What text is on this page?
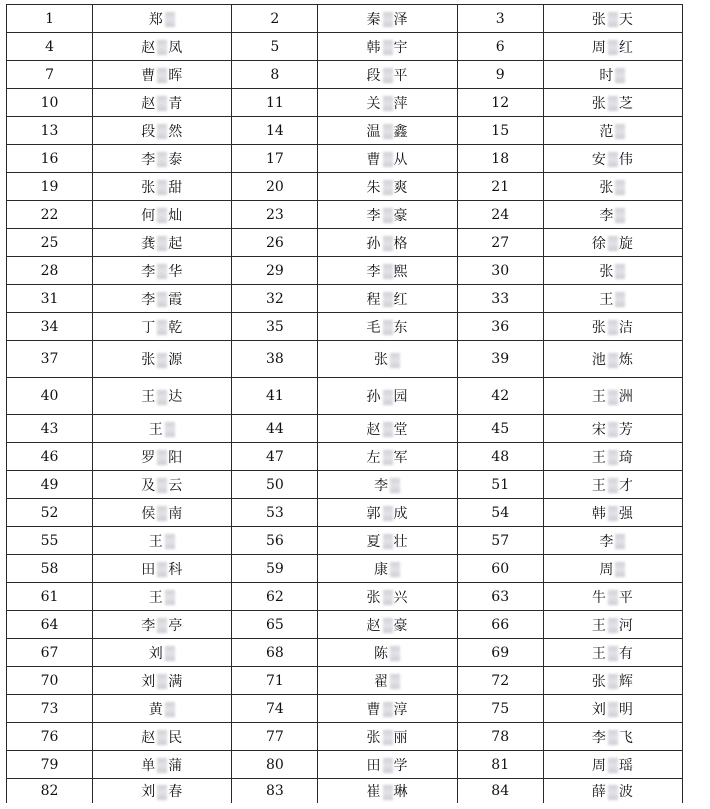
1	郑	2	秦 泽	3	张 天
4	赵 凤	5	韩 宇	6	周 红
7	曹 晖	8	段 平	9	时
10	赵 青	11	关 萍	12	张 芝
13	段 然	14	温 鑫	15	范
16	李 泰	17	曹 从	18	安 伟
19	张 甜	20	朱 爽	21	张
22	何 灿	23	李 豪	24	李
25	龚 起	26	孙 格	27	徐 旋
28	李 华	29	李 熙	30	张
31	李 霞	32	程 红	33	王
34	丁 乾	35	毛 东	36	张 洁
37	张 源	38	张	39	池 炼
40	王 达	41	孙 园	42	王 洲
43	王	44	赵 堂	45	宋 芳
46	罗 阳	47	左 军	48	王 琦
49	及 云	50	李	51	王 才
52	侯 南	53	郭 成	54	韩 强
55	王	56	夏 壮	57	李
58	田 科	59	康	60	周
61	王	62	张 兴	63	牛 平
64	李 亭	65	赵 豪	66	王 河
67	刘	68	陈	69	王 有
70	刘 满	71	翟	72	张 辉
73	黄	74	曹 淳	75	刘 明
76	赵 民	77	张 丽	78	李 飞
79	单 蒲	80	田 学	81	周 瑶
82	刘 春	83	崔 琳	84	薛 波
